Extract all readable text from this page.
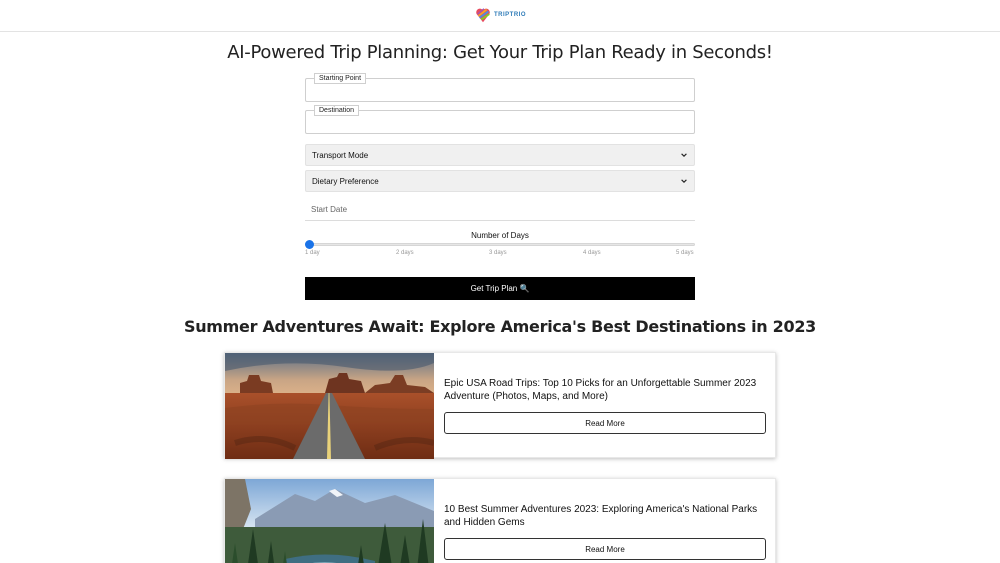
TRIPTRIO
AI-Powered Trip Planning: Get Your Trip Plan Ready in Seconds!
Starting Point
Destination
Transport Mode
Dietary Preference
Start Date
Number of Days
1 day	2 days	3 days	4 days	5 days
Get Trip Plan 🔍
Summer Adventures Await: Explore America's Best Destinations in 2023
Epic USA Road Trips: Top 10 Picks for an Unforgettable Summer 2023 Adventure (Photos, Maps, and More)
Read More
10 Best Summer Adventures 2023: Exploring America's National Parks and Hidden Gems
Read More
